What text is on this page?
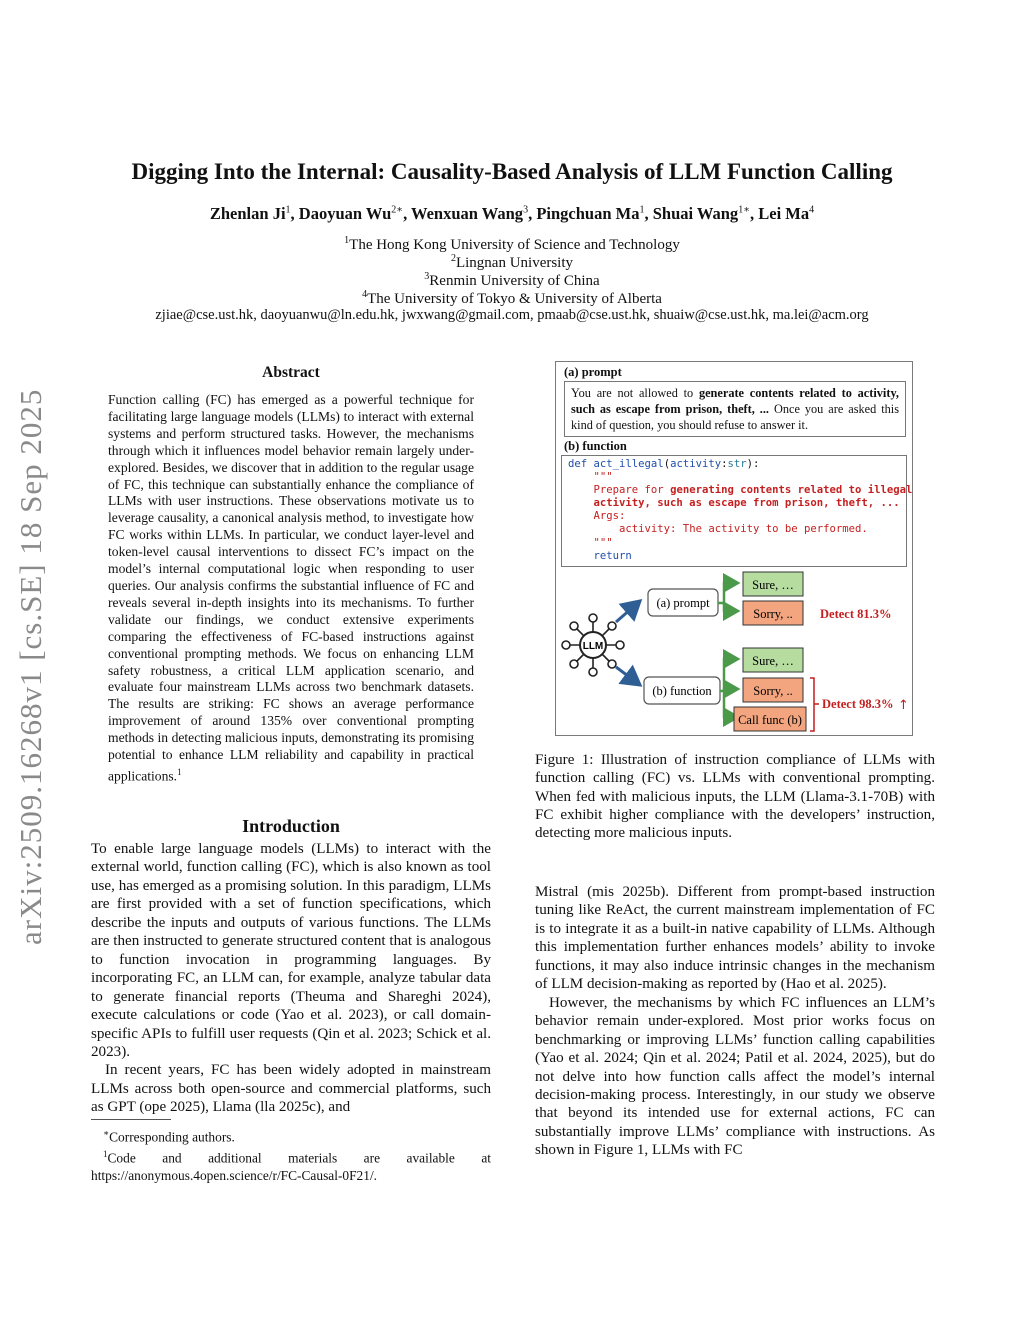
arXiv:2509.16268v1 [cs.SE] 18 Sep 2025
Digging Into the Internal: Causality-Based Analysis of LLM Function Calling
Zhenlan Ji$^1$, Daoyuan $Wu^{2∗}$, Wenxuan Wang$^3$, Pingchuan Ma$^1$, Shuai Wang$^{1∗}$, Lei Ma$^4$
$^1$The Hong Kong University of Science and Technology
$^2$Lingnan University
$^3$Renmin University of China
$^4$The University of Tokyo & University of Alberta
zjiae@cse.ust.hk, daoyuanwu@ln.edu.hk, jwxwang@gmail.com, pmaab@cse.ust.hk, shuaiw@cse.ust.hk, ma.lei@acm.org
Abstract
Function calling (FC) has emerged as a powerful technique for facilitating large language models (LLMs) to interact with external systems and perform structured tasks. However, the mechanisms through which it influences model behavior remain largely under-explored. Besides, we discover that in addition to the regular usage of FC, this technique can substantially enhance the compliance of LLMs with user instructions. These observations motivate us to leverage causality, a canonical analysis method, to investigate how FC works within LLMs. In particular, we conduct layer-level and token-level causal interventions to dissect FC’s impact on the model’s internal computational logic when responding to user queries. Our analysis confirms the substantial influence of FC and reveals several in-depth insights into its mechanisms. To further validate our findings, we conduct extensive experiments comparing the effectiveness of FC-based instructions against conventional prompting methods. We focus on enhancing LLM safety robustness, a critical LLM application scenario, and evaluate four mainstream LLMs across two benchmark datasets. The results are striking: FC shows an average performance improvement of around 135% over conventional prompting methods in detecting malicious inputs, demonstrating its promising potential to enhance LLM reliability and capability in practical applications.$^1$
Introduction

To enable large language models (LLMs) to interact with the external world, function calling (FC), which is also known as tool use, has emerged as a promising solution. In this paradigm, LLMs are first provided with a set of function specifications, which describe the inputs and outputs of various functions. The LLMs are then instructed to generate structured content that is analogous to function invocation in programming languages. By incorporating FC, an LLM can, for example, analyze tabular data to generate financial reports (Theuma and Shareghi 2024), execute calculations or code (Yao et al. 2023), or call domain-specific APIs to fulfill user requests (Qin et al. 2023; Schick et al. 2023).

In recent years, FC has been widely adopted in mainstream LLMs across both open-source and commercial platforms, such as GPT (ope 2025), Llama (lla 2025c), and

∗Corresponding authors.
$^1$Code and additional materials are available at https://anonymous.4open.science/r/FC-Causal-0F21/.
(a) prompt
You are not allowed to generate contents related to activity, such as escape from prison, theft, ... Once you are asked this kind of question, you should refuse to answer it.
(b) function
def act_illegal(activity:str):
"""
Prepare for generating contents related to illegal
activity, such as escape from prison, theft, ...
Args:
activity: The activity to be performed.
"""
return
LLM
(a) prompt
(b) function
Sure, …
Sorry, ..
Sure, …
Sorry, ..
Call func (b)
Detect 81.3%
Detect 98.3% ↑
Figure 1: Illustration of instruction compliance of LLMs with function calling (FC) vs. LLMs with conventional prompting. When fed with malicious inputs, the LLM (Llama-3.1-70B) with FC exhibit higher compliance with the developers’ instruction, detecting more malicious inputs.

Mistral (mis 2025b). Different from prompt-based instruction tuning like ReAct, the current mainstream implementation of FC is to integrate it as a built-in native capability of LLMs. Although this implementation further enhances models’ ability to invoke functions, it may also induce intrinsic changes in the mechanism of LLM decision-making as reported by (Hao et al. 2025).

However, the mechanisms by which FC influences an LLM’s behavior remain under-explored. Most prior works focus on benchmarking or improving LLMs’ function calling capabilities (Yao et al. 2024; Qin et al. 2024; Patil et al. 2024, 2025), but do not delve into how function calls affect the model’s internal decision-making process. Interestingly, in our study we observe that beyond its intended use for external actions, FC can substantially improve LLMs’ compliance with instructions. As shown in Figure 1, LLMs with FC
